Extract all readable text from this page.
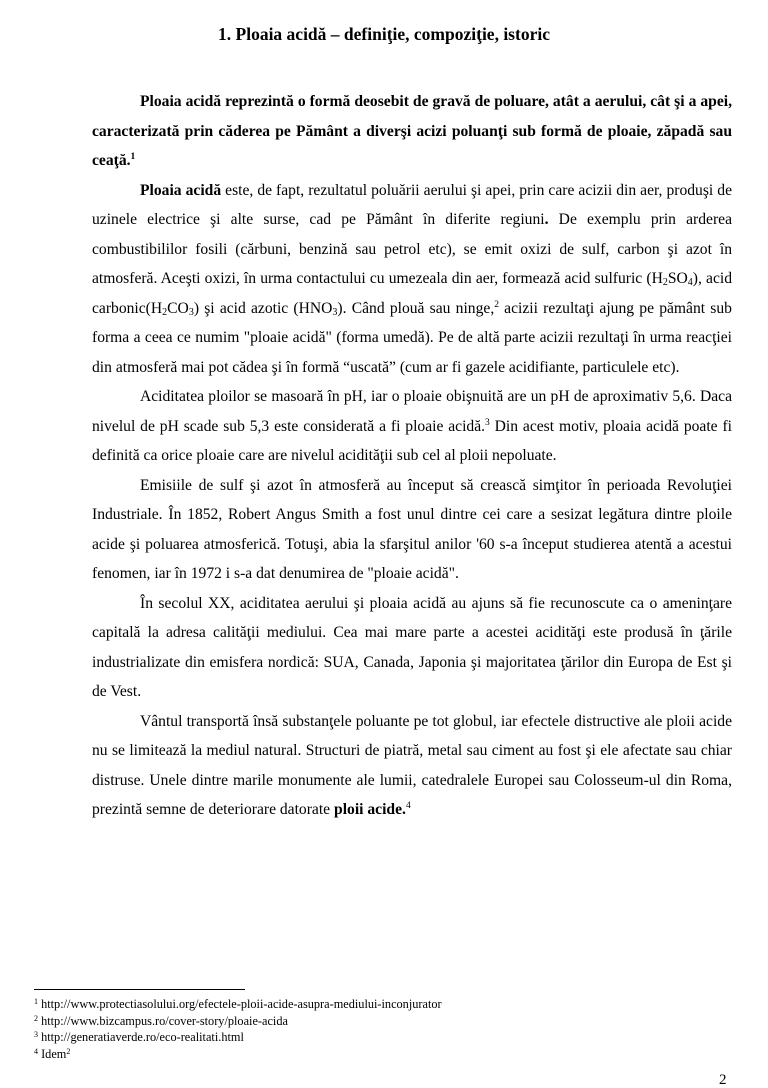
1. Ploaia acidă – definiţie, compoziţie, istoric

Ploaia acidă reprezintă o formă deosebit de gravă de poluare, atât a aerului, cât şi a apei, caracterizată prin căderea pe Pământ a diverşi acizi poluanţi sub formă de ploaie, zăpadă sau ceaţă.$^1$

Ploaia acidă este, de fapt, rezultatul poluării aerului şi apei, prin care acizii din aer, produşi de uzinele electrice şi alte surse, cad pe Pământ în diferite regiuni. De exemplu prin arderea combustibililor fosili (cărbuni, benzină sau petrol etc), se emit oxizi de sulf, carbon şi azot în atmosferă. Aceşti oxizi, în urma contactului cu umezeala din aer, formează acid sulfuric $(H_2SO_4)$, acid $carbonic(H_2CO_3)$ şi acid azotic $(HNO_3)$. Când plouă sau ninge,$^2$ acizii rezultaţi ajung pe pământ sub forma a ceea ce numim "ploaie acidă" (forma umedă). Pe de altă parte acizii rezultaţi în urma reacţiei din atmosferă mai pot cădea şi în formă “uscată” (cum ar fi gazele acidifiante, particulele etc).

Aciditatea ploilor se masoară în pH, iar o ploaie obişnuită are un pH de aproximativ 5,6. Daca nivelul de pH scade sub 5,3 este considerată a fi ploaie acidă.$^3$ Din acest motiv, ploaia acidă poate fi definită ca orice ploaie care are nivelul acidităţii sub cel al ploii nepoluate.

Emisiile de sulf şi azot în atmosferă au început să crească simţitor în perioada Revoluţiei Industriale. În 1852, Robert Angus Smith a fost unul dintre cei care a sesizat legătura dintre ploile acide şi poluarea atmosferică. Totuşi, abia la sfarşitul anilor '60 s-a început studierea atentă a acestui fenomen, iar în 1972 i s-a dat denumirea de "ploaie acidă".

În secolul XX, aciditatea aerului şi ploaia acidă au ajuns să fie recunoscute ca o ameninţare capitală la adresa calităţii mediului. Cea mai mare parte a acestei acidităţi este produsă în ţările industrializate din emisfera nordică: SUA, Canada, Japonia şi majoritatea ţărilor din Europa de Est şi de Vest.

Vântul transportă însă substanţele poluante pe tot globul, iar efectele distructive ale ploii acide nu se limitează la mediul natural. Structuri de piatră, metal sau ciment au fost şi ele afectate sau chiar distruse. Unele dintre marile monumente ale lumii, catedralele Europei sau Colosseum-ul din Roma, prezintă semne de deteriorare datorate ploii acide.$^4$

$^1$ http://www.protectiasolului.org/efectele-ploii-acide-asupra-mediului-inconjurator
$^2$ http://www.bizcampus.ro/cover-story/ploaie-acida
$^3$ http://generatiaverde.ro/eco-realitati.html
$^4$ Idem$^2$
2
